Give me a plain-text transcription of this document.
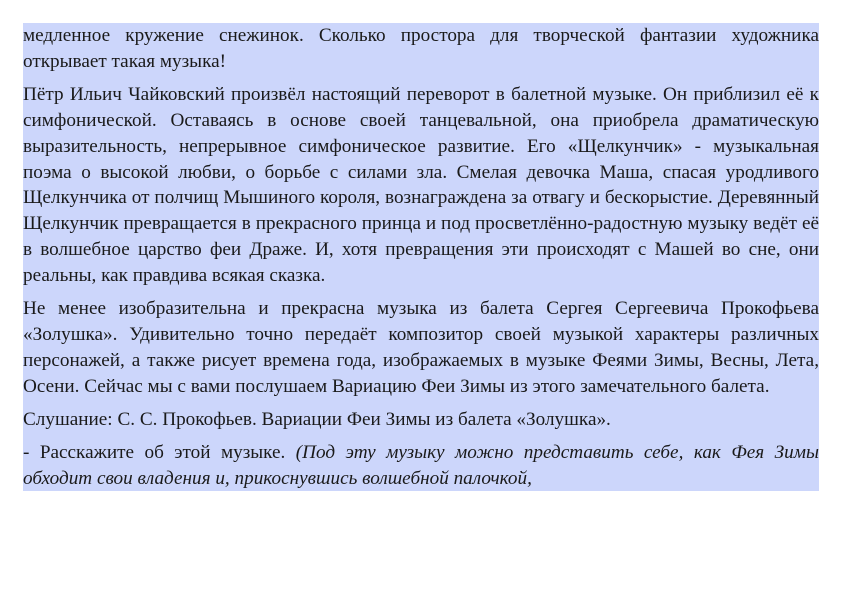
медленное кружение снежинок. Сколько простора для творческой фантазии художника открывает такая музыка!

Пётр Ильич Чайковский произвёл настоящий переворот в балетной музыке. Он приблизил её к симфонической. Оставаясь в основе своей танцевальной, она приобрела драматическую выразительность, непрерывное симфоническое развитие. Его «Щелкунчик» - музыкальная поэма о высокой любви, о борьбе с силами зла. Смелая девочка Маша, спасая уродливого Щелкунчика от полчищ Мышиного короля, вознаграждена за отвагу и бескорыстие. Деревянный Щелкунчик превращается в прекрасного принца и под просветлённо-радостную музыку ведёт её в волшебное царство феи Драже. И, хотя превращения эти происходят с Машей во сне, они реальны, как правдива всякая сказка.

Не менее изобразительна и прекрасна музыка из балета Сергея Сергеевича Прокофьева «Золушка». Удивительно точно передаёт композитор своей музыкой характеры различных персонажей, а также рисует времена года, изображаемых в музыке Феями Зимы, Весны, Лета, Осени. Сейчас мы с вами послушаем Вариацию Феи Зимы из этого замечательного балета.

Слушание: С. С. Прокофьев. Вариации Феи Зимы из балета «Золушка».

- Расскажите об этой музыке. (Под эту музыку можно представить себе, как Фея Зимы обходит свои владения и, прикоснувшись волшебной палочкой,
